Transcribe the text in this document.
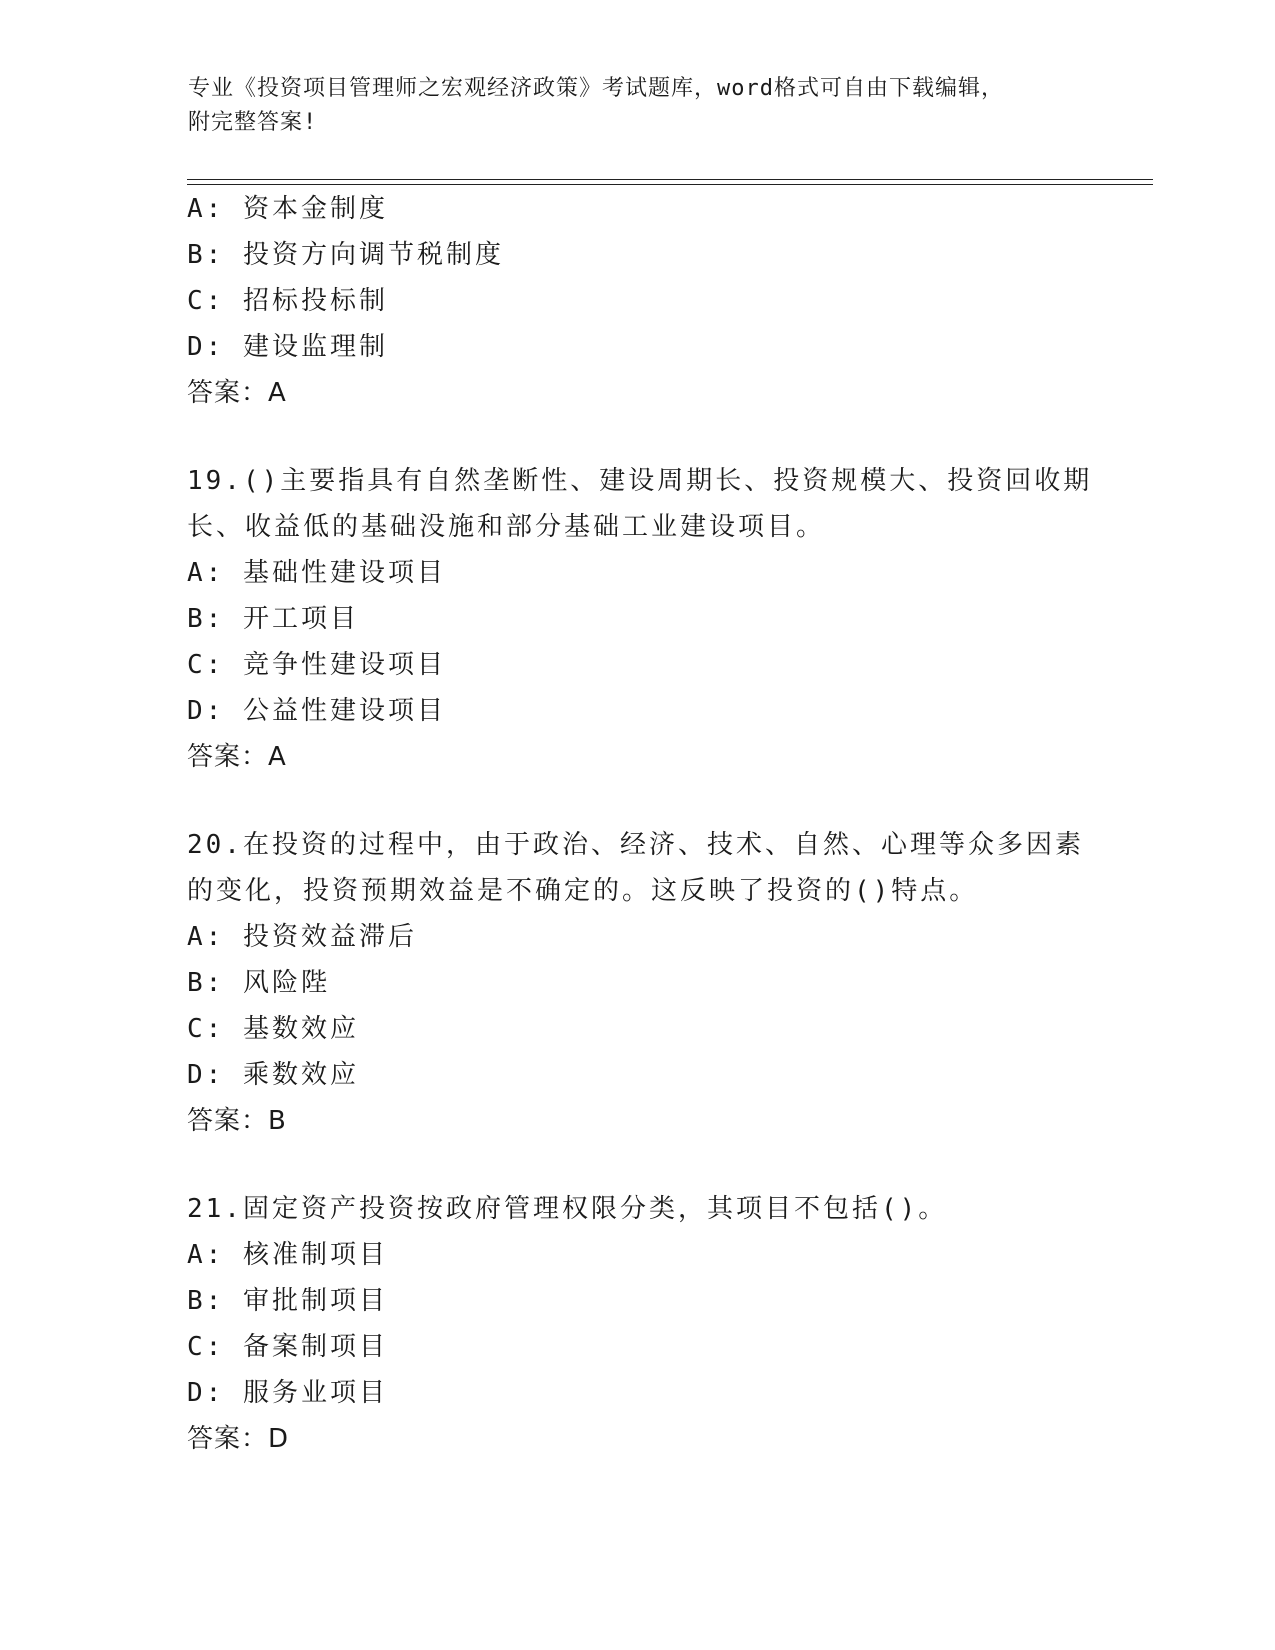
专业《投资项目管理师之宏观经济政策》考试题库，word格式可自由下载编辑，
附完整答案!
A: 资本金制度
B: 投资方向调节税制度
C: 招标投标制
D: 建设监理制
答案：A
19.()主要指具有自然垄断性、建设周期长、投资规模大、投资回收期
长、收益低的基础没施和部分基础工业建设项目。
A: 基础性建设项目
B: 开工项目
C: 竞争性建设项目
D: 公益性建设项目
答案：A
20.在投资的过程中，由于政治、经济、技术、自然、心理等众多因素
的变化，投资预期效益是不确定的。这反映了投资的()特点。
A: 投资效益滞后
B: 风险陛
C: 基数效应
D: 乘数效应
答案：B
21.固定资产投资按政府管理权限分类，其项目不包括()。
A: 核准制项目
B: 审批制项目
C: 备案制项目
D: 服务业项目
答案：D
